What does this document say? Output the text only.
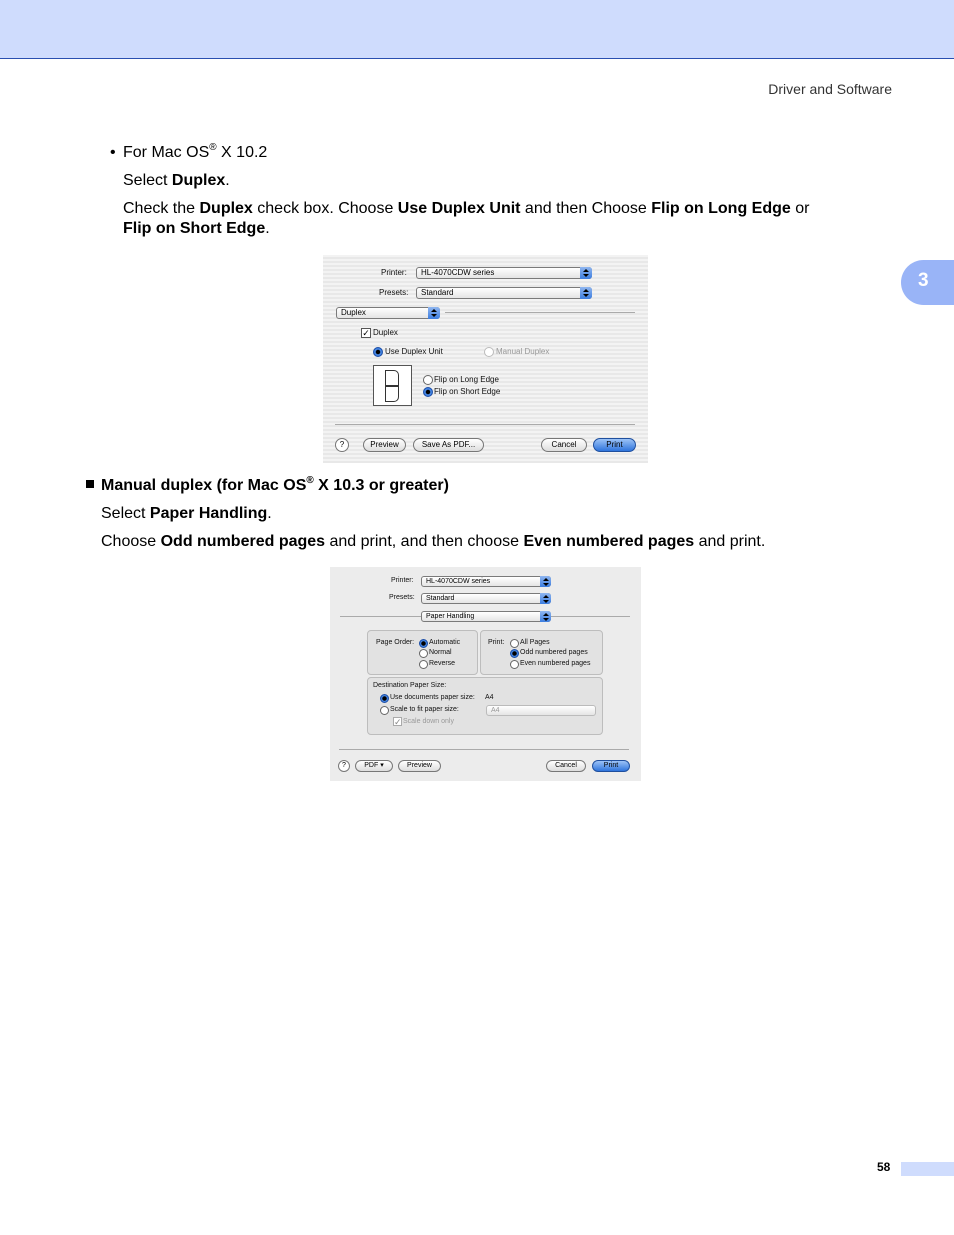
Driver and Software
3
• For Mac OS® X 10.2
Select Duplex.
Check the Duplex check box. Choose Use Duplex Unit and then Choose Flip on Long Edge or
Flip on Short Edge.
Printer: HL-4070CDW series
Presets: Standard
Duplex
✓ Duplex
Use Duplex Unit	Manual Duplex
Flip on Long Edge
Flip on Short Edge
?	Preview	Save As PDF...	Cancel	Print
Manual duplex (for Mac OS® X 10.3 or greater)
Select Paper Handling.
Choose Odd numbered pages and print, and then choose Even numbered pages and print.
Printer: HL-4070CDW series
Presets: Standard
Paper Handling
Page Order: Automatic
Normal
Reverse
Print: All Pages
Odd numbered pages
Even numbered pages
Destination Paper Size:
Use documents paper size: A4
Scale to fit paper size:	A4
✓ Scale down only
?	PDF ▾	Preview	Cancel	Print
58
